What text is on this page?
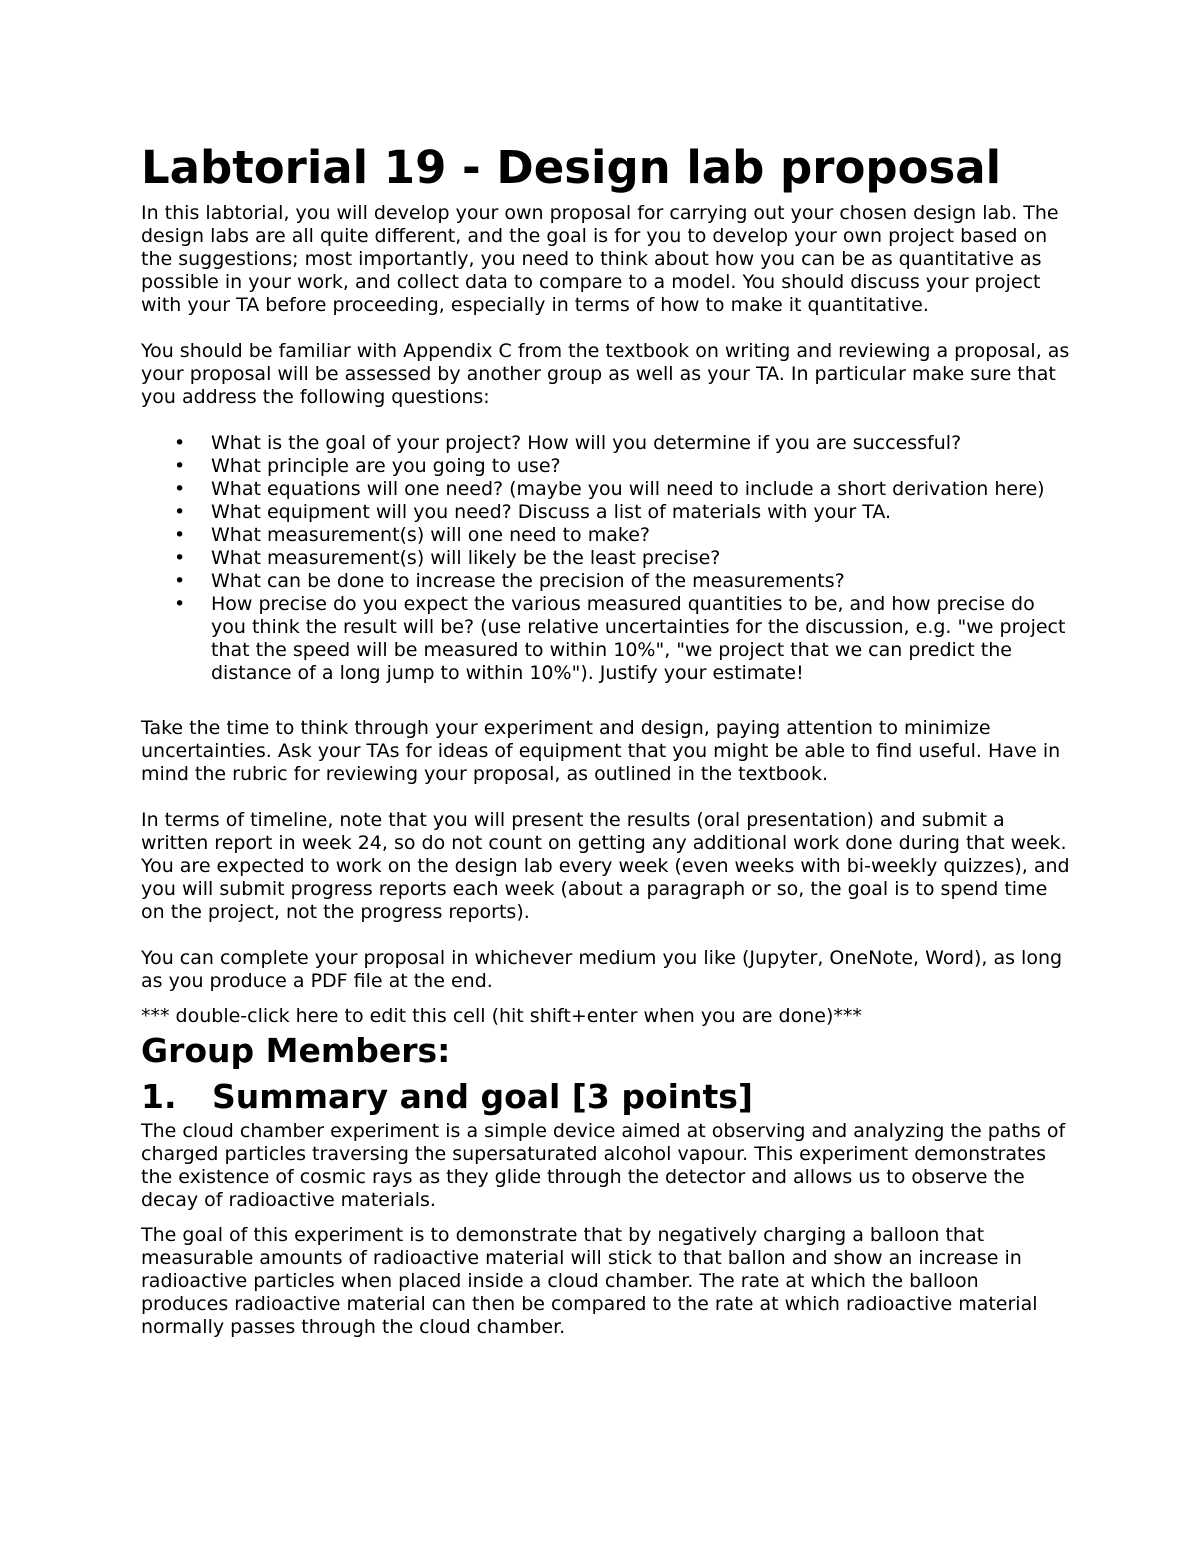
Labtorial 19 - Design lab proposal

In this labtorial, you will develop your own proposal for carrying out your chosen design lab. The design labs are all quite different, and the goal is for you to develop your own project based on the suggestions; most importantly, you need to think about how you can be as quantitative as possible in your work, and collect data to compare to a model. You should discuss your project with your TA before proceeding, especially in terms of how to make it quantitative.

You should be familiar with Appendix C from the textbook on writing and reviewing a proposal, as your proposal will be assessed by another group as well as your TA. In particular make sure that you address the following questions:

• What is the goal of your project? How will you determine if you are successful?
• What principle are you going to use?
• What equations will one need? (maybe you will need to include a short derivation here)
• What equipment will you need? Discuss a list of materials with your TA.
• What measurement(s) will one need to make?
• What measurement(s) will likely be the least precise?
• What can be done to increase the precision of the measurements?
• How precise do you expect the various measured quantities to be, and how precise do you think the result will be? (use relative uncertainties for the discussion, e.g. "we project that the speed will be measured to within 10%", "we project that we can predict the distance of a long jump to within 10%"). Justify your estimate!

Take the time to think through your experiment and design, paying attention to minimize uncertainties. Ask your TAs for ideas of equipment that you might be able to find useful. Have in mind the rubric for reviewing your proposal, as outlined in the textbook.

In terms of timeline, note that you will present the results (oral presentation) and submit a written report in week 24, so do not count on getting any additional work done during that week. You are expected to work on the design lab every week (even weeks with bi-weekly quizzes), and you will submit progress reports each week (about a paragraph or so, the goal is to spend time on the project, not the progress reports).

You can complete your proposal in whichever medium you like (Jupyter, OneNote, Word), as long as you produce a PDF file at the end.

*** double-click here to edit this cell (hit shift+enter when you are done)***

Group Members:
1.	Summary and goal [3 points]

The cloud chamber experiment is a simple device aimed at observing and analyzing the paths of charged particles traversing the supersaturated alcohol vapour. This experiment demonstrates the existence of cosmic rays as they glide through the detector and allows us to observe the decay of radioactive materials.

The goal of this experiment is to demonstrate that by negatively charging a balloon that measurable amounts of radioactive material will stick to that ballon and show an increase in radioactive particles when placed inside a cloud chamber. The rate at which the balloon produces radioactive material can then be compared to the rate at which radioactive material normally passes through the cloud chamber.
